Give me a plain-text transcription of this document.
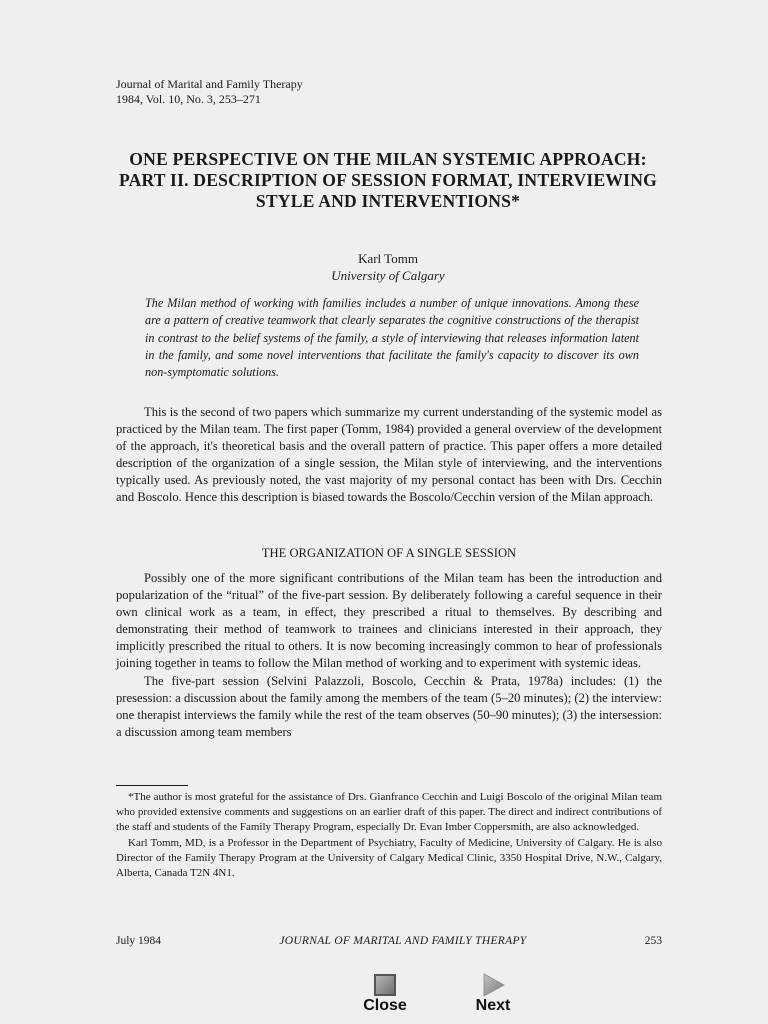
Journal of Marital and Family Therapy
1984, Vol. 10, No. 3, 253–271
ONE PERSPECTIVE ON THE MILAN SYSTEMIC APPROACH: PART II. DESCRIPTION OF SESSION FORMAT, INTERVIEWING STYLE AND INTERVENTIONS*
Karl Tomm
University of Calgary
The Milan method of working with families includes a number of unique innovations. Among these are a pattern of creative teamwork that clearly separates the cognitive constructions of the therapist in contrast to the belief systems of the family, a style of interviewing that releases information latent in the family, and some novel interventions that facilitate the family's capacity to discover its own non-symptomatic solutions.

This is the second of two papers which summarize my current understanding of the systemic model as practiced by the Milan team. The first paper (Tomm, 1984) provided a general overview of the development of the approach, it's theoretical basis and the overall pattern of practice. This paper offers a more detailed description of the organization of a single session, the Milan style of interviewing, and the interventions typically used. As previously noted, the vast majority of my personal contact has been with Drs. Cecchin and Boscolo. Hence this description is biased towards the Boscolo/Cecchin version of the Milan approach.

THE ORGANIZATION OF A SINGLE SESSION

Possibly one of the more significant contributions of the Milan team has been the introduction and popularization of the “ritual” of the five-part session. By deliberately following a careful sequence in their own clinical work as a team, in effect, they prescribed a ritual to themselves. By describing and demonstrating their method of teamwork to trainees and clinicians interested in their approach, they implicitly prescribed the ritual to others. It is now becoming increasingly common to hear of professionals joining together in teams to follow the Milan method of working and to experiment with systemic ideas.

The five-part session (Selvini Palazzoli, Boscolo, Cecchin & Prata, 1978a) includes: (1) the presession: a discussion about the family among the members of the team (5–20 minutes); (2) the interview: one therapist interviews the family while the rest of the team observes (50–90 minutes); (3) the intersession: a discussion among team members

*The author is most grateful for the assistance of Drs. Gianfranco Cecchin and Luigi Boscolo of the original Milan team who provided extensive comments and suggestions on an earlier draft of this paper. The direct and indirect contributions of the staff and students of the Family Therapy Program, especially Dr. Evan Imber Coppersmith, are also acknowledged.

Karl Tomm, MD, is a Professor in the Department of Psychiatry, Faculty of Medicine, University of Calgary. He is also Director of the Family Therapy Program at the University of Calgary Medical Clinic, 3350 Hospital Drive, N.W., Calgary, Alberta, Canada T2N 4N1.

July 1984	JOURNAL OF MARITAL AND FAMILY THERAPY	253
Close	Next
